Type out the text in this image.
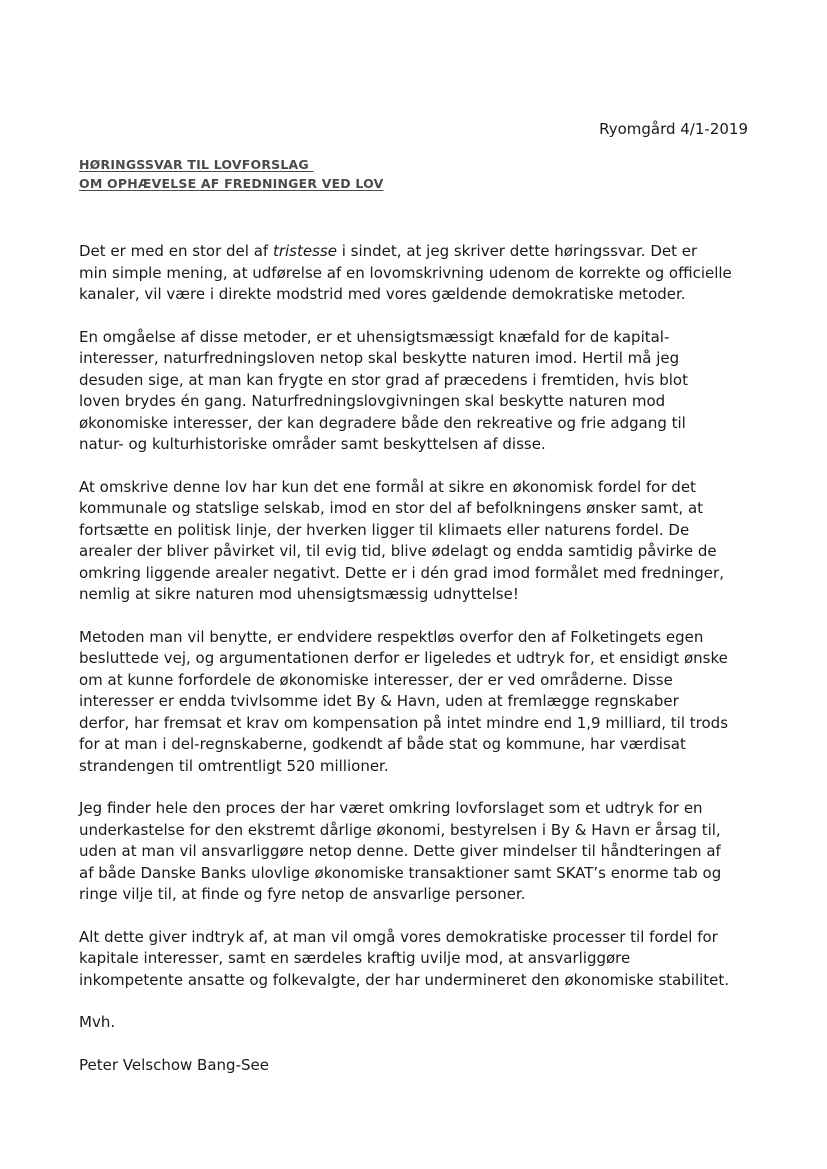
Ryomgård 4/1-2019
HØRINGSSVAR TIL LOVFORSLAG
OM OPHÆVELSE AF FREDNINGER VED LOV

Det er med en stor del af tristesse i sindet, at jeg skriver dette høringssvar. Det er
min simple mening, at udførelse af en lovomskrivning udenom de korrekte og officielle
kanaler, vil være i direkte modstrid med vores gældende demokratiske metoder.

En omgåelse af disse metoder, er et uhensigtsmæssigt knæfald for de kapital-
interesser, naturfredningsloven netop skal beskytte naturen imod. Hertil må jeg
desuden sige, at man kan frygte en stor grad af præcedens i fremtiden, hvis blot
loven brydes én gang. Naturfredningslovgivningen skal beskytte naturen mod
økonomiske interesser, der kan degradere både den rekreative og frie adgang til
natur- og kulturhistoriske områder samt beskyttelsen af disse.

At omskrive denne lov har kun det ene formål at sikre en økonomisk fordel for det
kommunale og statslige selskab, imod en stor del af befolkningens ønsker samt, at
fortsætte en politisk linje, der hverken ligger til klimaets eller naturens fordel. De
arealer der bliver påvirket vil, til evig tid, blive ødelagt og endda samtidig påvirke de
omkring liggende arealer negativt. Dette er i dén grad imod formålet med fredninger,
nemlig at sikre naturen mod uhensigtsmæssig udnyttelse!

Metoden man vil benytte, er endvidere respektløs overfor den af Folketingets egen
besluttede vej, og argumentationen derfor er ligeledes et udtryk for, et ensidigt ønske
om at kunne forfordele de økonomiske interesser, der er ved områderne. Disse
interesser er endda tvivlsomme idet By & Havn, uden at fremlægge regnskaber
derfor, har fremsat et krav om kompensation på intet mindre end 1,9 milliard, til trods
for at man i del-regnskaberne, godkendt af både stat og kommune, har værdisat
strandengen til omtrentligt 520 millioner.

Jeg finder hele den proces der har været omkring lovforslaget som et udtryk for en
underkastelse for den ekstremt dårlige økonomi, bestyrelsen i By & Havn er årsag til,
uden at man vil ansvarliggøre netop denne. Dette giver mindelser til håndteringen af
af både Danske Banks ulovlige økonomiske transaktioner samt SKAT’s enorme tab og
ringe vilje til, at finde og fyre netop de ansvarlige personer.

Alt dette giver indtryk af, at man vil omgå vores demokratiske processer til fordel for
kapitale interesser, samt en særdeles kraftig uvilje mod, at ansvarliggøre
inkompetente ansatte og folkevalgte, der har undermineret den økonomiske stabilitet.

Mvh.

Peter Velschow Bang-See
